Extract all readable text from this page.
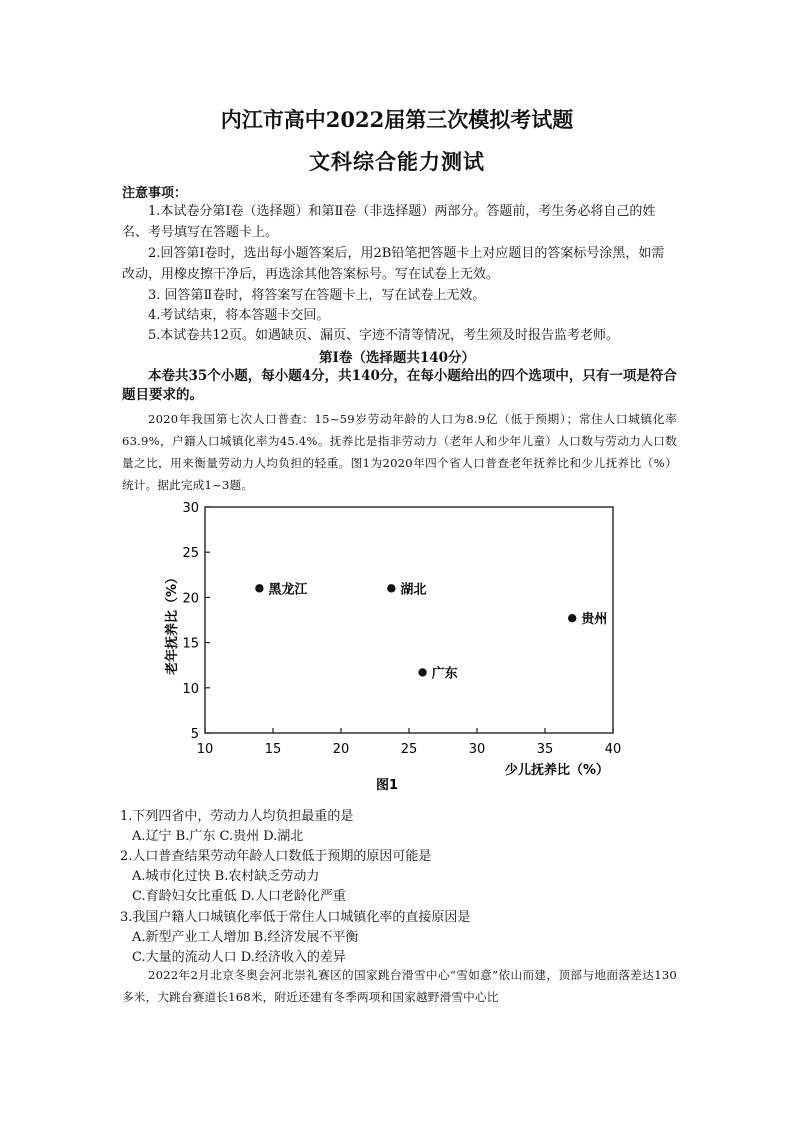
内江市高中2022届第三次模拟考试题
文科综合能力测试
注意事项：

1.本试卷分第Ⅰ卷（选择题）和第Ⅱ卷（非选择题）两部分。答题前，考生务必将自己的姓名、考号填写在答题卡上。

2.回答第Ⅰ卷时，选出每小题答案后，用2B铅笔把答题卡上对应题目的答案标号涂黑，如需改动，用橡皮擦干净后，再选涂其他答案标号。写在试卷上无效。

3. 回答第Ⅱ卷时，将答案写在答题卡上，写在试卷上无效。

4.考试结束，将本答题卡交回。

5.本试卷共12页。如遇缺页、漏页、字迹不清等情况，考生须及时报告监考老师。

第Ⅰ卷（选择题共140分）
本卷共35个小题，每小题4分，共140分，在每小题给出的四个选项中，只有一项是符合题目要求的。
2020年我国第七次人口普查：15~59岁劳动年龄的人口为8.9亿（低于预期）；常住人口城镇化率63.9%，户籍人口城镇化率为45.4%。抚养比是指非劳动力（老年人和少年儿童）人口数与劳动力人口数量之比，用来衡量劳动力人均负担的轻重。图1为2020年四个省人口普查老年抚养比和少儿抚养比（%）统计。据此完成1~3题。
10	15	20	25	30	35	40
5
10
15
20
25
30
黑龙江	湖北
贵州
广东
少儿抚养比（%）
老年抚养比（%）
图1

1.下列四省中，劳动力人均负担最重的是

A.辽宁 B.广东 C.贵州 D.湖北

2.人口普查结果劳动年龄人口数低于预期的原因可能是

A.城市化过快 B.农村缺乏劳动力

C.育龄妇女比重低 D.人口老龄化严重

3.我国户籍人口城镇化率低于常住人口城镇化率的直接原因是

A.新型产业工人增加 B.经济发展不平衡

C.大量的流动人口 D.经济收入的差异

2022年2月北京冬奥会河北崇礼赛区的国家跳台滑雪中心“雪如意”依山而建，顶部与地面落差达130多米，大跳台赛道长168米，附近还建有冬季两项和国家越野滑雪中心比
